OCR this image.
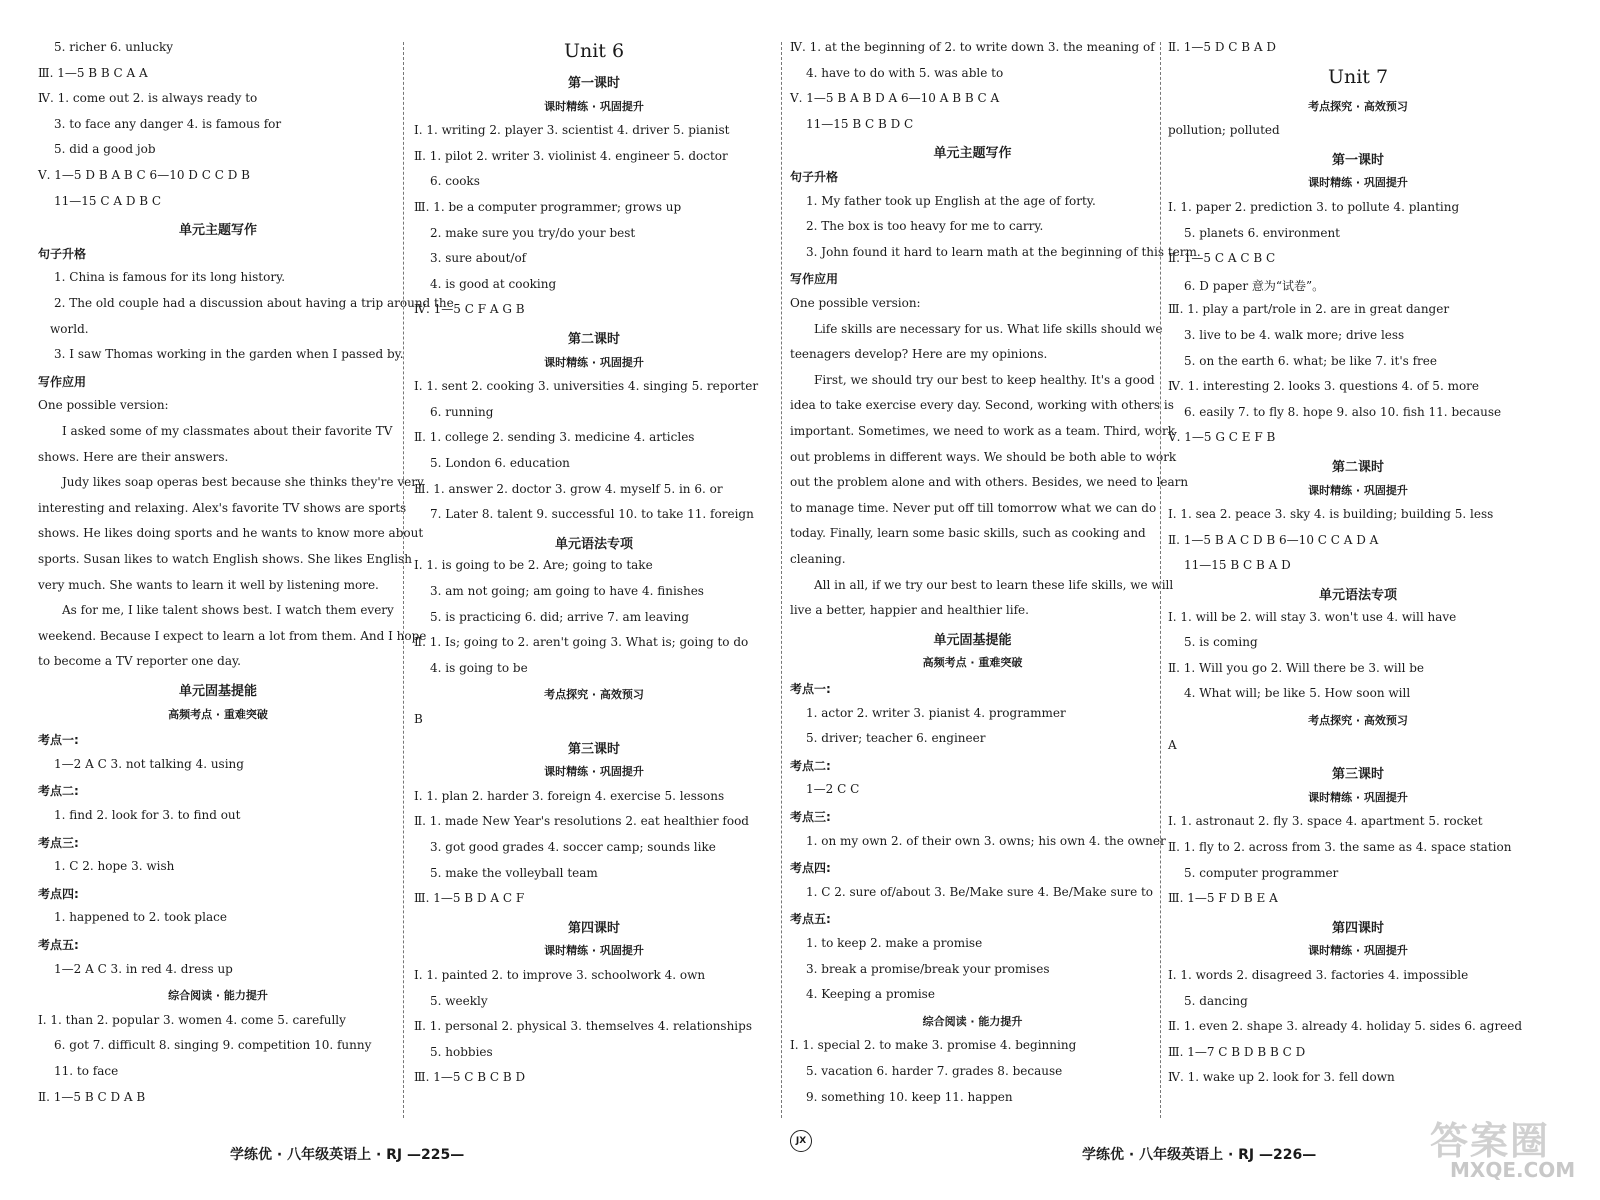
5. richer 6. unlucky
Ⅲ. 1—5 B B C A A
Ⅳ. 1. come out 2. is always ready to
3. to face any danger 4. is famous for
5. did a good job
Ⅴ. 1—5 D B A B C 6—10 D C C D B
11—15 C A D B C
单元主题写作
句子升格
1. China is famous for its long history.
2. The old couple had a discussion about having a trip around the
world.
3. I saw Thomas working in the garden when I passed by.
写作应用
One possible version:
I asked some of my classmates about their favorite TV
shows. Here are their answers.
Judy likes soap operas best because she thinks they're very
interesting and relaxing. Alex's favorite TV shows are sports
shows. He likes doing sports and he wants to know more about
sports. Susan likes to watch English shows. She likes English
very much. She wants to learn it well by listening more.
As for me, I like talent shows best. I watch them every
weekend. Because I expect to learn a lot from them. And I hope
to become a TV reporter one day.
单元固基提能
高频考点 · 重难突破
考点一:
1—2 A C 3. not talking 4. using
考点二:
1. find 2. look for 3. to find out
考点三:
1. C 2. hope 3. wish
考点四:
1. happened to 2. took place
考点五:
1—2 A C 3. in red 4. dress up
综合阅读 · 能力提升
Ⅰ. 1. than 2. popular 3. women 4. come 5. carefully
6. got 7. difficult 8. singing 9. competition 10. funny
11. to face
Ⅱ. 1—5 B C D A B
Unit 6
第一课时
课时精练 · 巩固提升
Ⅰ. 1. writing 2. player 3. scientist 4. driver 5. pianist
Ⅱ. 1. pilot 2. writer 3. violinist 4. engineer 5. doctor
6. cooks
Ⅲ. 1. be a computer programmer; grows up
2. make sure you try/do your best
3. sure about/of
4. is good at cooking
Ⅳ. 1—5 C F A G B
第二课时
课时精练 · 巩固提升
Ⅰ. 1. sent 2. cooking 3. universities 4. singing 5. reporter
6. running
Ⅱ. 1. college 2. sending 3. medicine 4. articles
5. London 6. education
Ⅲ. 1. answer 2. doctor 3. grow 4. myself 5. in 6. or
7. Later 8. talent 9. successful 10. to take 11. foreign
单元语法专项
Ⅰ. 1. is going to be 2. Are; going to take
3. am not going; am going to have 4. finishes
5. is practicing 6. did; arrive 7. am leaving
Ⅱ. 1. Is; going to 2. aren't going 3. What is; going to do
4. is going to be
考点探究 · 高效预习
B
第三课时
课时精练 · 巩固提升
Ⅰ. 1. plan 2. harder 3. foreign 4. exercise 5. lessons
Ⅱ. 1. made New Year's resolutions 2. eat healthier food
3. got good grades 4. soccer camp; sounds like
5. make the volleyball team
Ⅲ. 1—5 B D A C F
第四课时
课时精练 · 巩固提升
Ⅰ. 1. painted 2. to improve 3. schoolwork 4. own
5. weekly
Ⅱ. 1. personal 2. physical 3. themselves 4. relationships
5. hobbies
Ⅲ. 1—5 C B C B D
Ⅳ. 1. at the beginning of 2. to write down 3. the meaning of
4. have to do with 5. was able to
Ⅴ. 1—5 B A B D A 6—10 A B B C A
11—15 B C B D C
单元主题写作
句子升格
1. My father took up English at the age of forty.
2. The box is too heavy for me to carry.
3. John found it hard to learn math at the beginning of this term.
写作应用
One possible version:
Life skills are necessary for us. What life skills should we
teenagers develop? Here are my opinions.
First, we should try our best to keep healthy. It's a good
idea to take exercise every day. Second, working with others is
important. Sometimes, we need to work as a team. Third, work
out problems in different ways. We should be both able to work
out the problem alone and with others. Besides, we need to learn
to manage time. Never put off till tomorrow what we can do
today. Finally, learn some basic skills, such as cooking and
cleaning.
All in all, if we try our best to learn these life skills, we will
live a better, happier and healthier life.
单元固基提能
高频考点 · 重难突破
考点一:
1. actor 2. writer 3. pianist 4. programmer
5. driver; teacher 6. engineer
考点二:
1—2 C C
考点三:
1. on my own 2. of their own 3. owns; his own 4. the owner
考点四:
1. C 2. sure of/about 3. Be/Make sure 4. Be/Make sure to
考点五:
1. to keep 2. make a promise
3. break a promise/break your promises
4. Keeping a promise
综合阅读 · 能力提升
Ⅰ. 1. special 2. to make 3. promise 4. beginning
5. vacation 6. harder 7. grades 8. because
9. something 10. keep 11. happen
Ⅱ. 1—5 D C B A D
Unit 7
考点探究 · 高效预习
pollution; polluted
第一课时
课时精练 · 巩固提升
Ⅰ. 1. paper 2. prediction 3. to pollute 4. planting
5. planets 6. environment
Ⅱ. 1—5 C A C B C
6. D paper 意为“试卷”。
Ⅲ. 1. play a part/role in 2. are in great danger
3. live to be 4. walk more; drive less
5. on the earth 6. what; be like 7. it's free
Ⅳ. 1. interesting 2. looks 3. questions 4. of 5. more
6. easily 7. to fly 8. hope 9. also 10. fish 11. because
Ⅴ. 1—5 G C E F B
第二课时
课时精练 · 巩固提升
Ⅰ. 1. sea 2. peace 3. sky 4. is building; building 5. less
Ⅱ. 1—5 B A C D B 6—10 C C A D A
11—15 B C B A D
单元语法专项
Ⅰ. 1. will be 2. will stay 3. won't use 4. will have
5. is coming
Ⅱ. 1. Will you go 2. Will there be 3. will be
4. What will; be like 5. How soon will
考点探究 · 高效预习
A
第三课时
课时精练 · 巩固提升
Ⅰ. 1. astronaut 2. fly 3. space 4. apartment 5. rocket
Ⅱ. 1. fly to 2. across from 3. the same as 4. space station
5. computer programmer
Ⅲ. 1—5 F D B E A
第四课时
课时精练 · 巩固提升
Ⅰ. 1. words 2. disagreed 3. factories 4. impossible
5. dancing
Ⅱ. 1. even 2. shape 3. already 4. holiday 5. sides 6. agreed
Ⅲ. 1—7 C B D B B C D
Ⅳ. 1. wake up 2. look for 3. fell down
学练优 · 八年级英语上 · RJ —225—
JX
学练优 · 八年级英语上 · RJ —226—	答案圈
MXQE.COM
